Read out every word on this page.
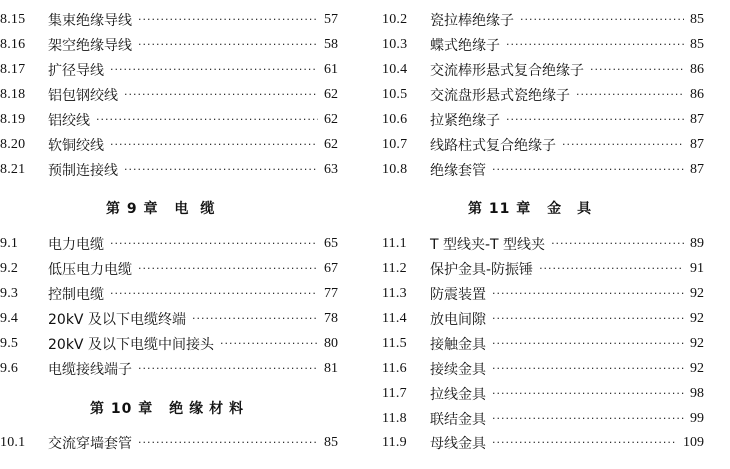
8.15	集束绝缘导线 ·····	57
8.16	架空绝缘导线 ·····	58
8.17	扩径导线 ·····	61
8.18	铝包钢绞线 ·····	62
8.19	铝绞线 ·····	62
8.20	软铜绞线 ·····	62
8.21	预制连接线 ·····	63
第 9 章 电缆
9.1	电力电缆 ·····	65
9.2	低压电力电缆 ·····	67
9.3	控制电缆 ·····	77
9.4	20kV 及以下电缆终端 ·····	78
9.5	20kV 及以下电缆中间接头 ·····	80
9.6	电缆接线端子 ·····	81
第 10 章 绝缘材料
10.1	交流穿墙套管 ·····	85
10.2	瓷拉棒绝缘子 ·····	85
10.3	蝶式绝缘子 ·····	85
10.4	交流棒形悬式复合绝缘子 ·····	86
10.5	交流盘形悬式瓷绝缘子 ·····	86
10.6	拉紧绝缘子 ·····	87
10.7	线路柱式复合绝缘子 ·····	87
10.8	绝缘套管 ·····	87
第 11 章 金具
11.1	T 型线夹-T 型线夹 ·····	89
11.2	保护金具-防振锤 ·····	91
11.3	防震装置 ·····	92
11.4	放电间隙 ·····	92
11.5	接触金具 ·····	92
11.6	接续金具 ·····	92
11.7	拉线金具 ·····	98
11.8	联结金具 ·····	99
11.9	母线金具 ·····	109
